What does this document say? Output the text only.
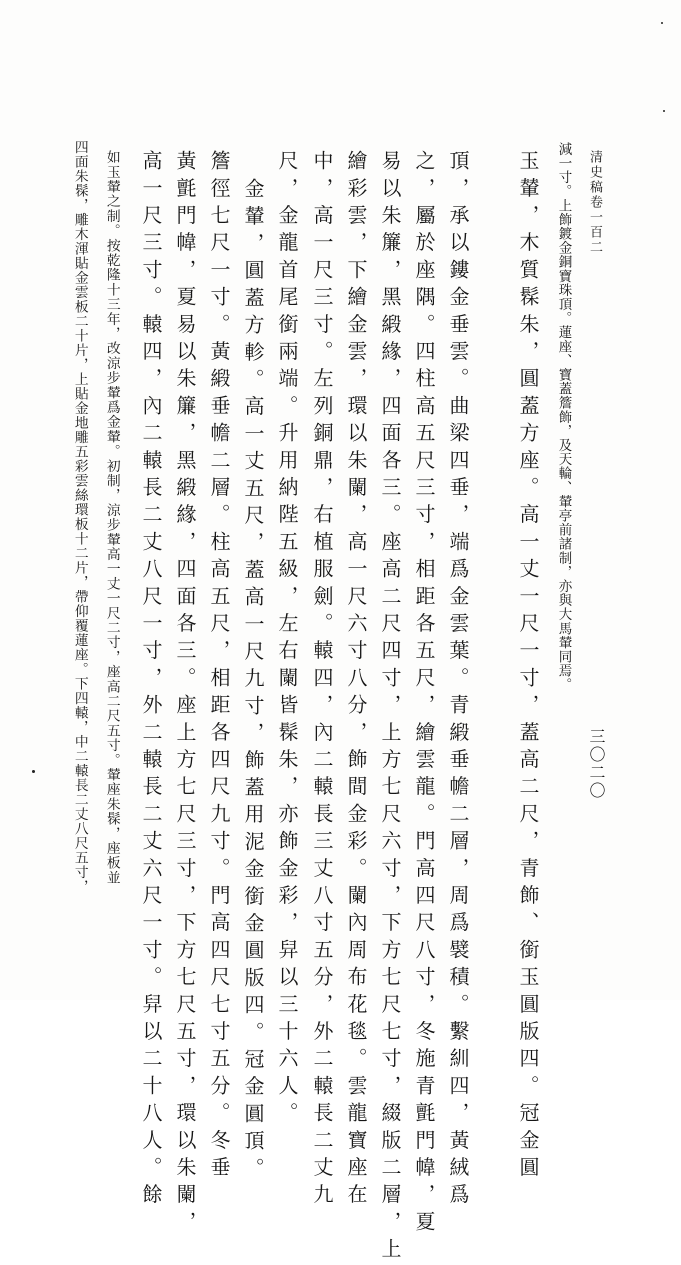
清史稿卷一百二
三〇二〇
減一寸。上飾鍍金銅寶珠頂。蓮座、寶蓋簷飾，及天輪、輦亭前諸制，亦與大馬輦同焉。
玉輦，木質髹朱，圓蓋方座。高一丈一尺一寸，蓋高二尺，青飾、銜玉圓版四。冠金圓
頂，承以鏤金垂雲。曲梁四垂，端爲金雲葉。青緞垂幨二層，周爲襞積。繫紃四，黃絨爲
之，屬於座隅。四柱高五尺三寸，相距各五尺，繪雲龍。門高四尺八寸，冬施青氈門幃，夏
易以朱簾，黑緞緣，四面各三。座高二尺四寸，上方七尺六寸，下方七尺七寸，綴版二層，上
繪彩雲，下繪金雲，環以朱闌，高一尺六寸八分，飾間金彩。闌內周布花毯。雲龍寶座在
中，高一尺三寸。左列銅鼎，右植服劍。轅四，內二轅長三丈八寸五分，外二轅長二丈九
尺，金龍首尾銜兩端。升用納陛五級，左右闌皆髹朱，亦飾金彩，舁以三十六人。
金輦，圓蓋方軫。高一丈五尺，蓋高一尺九寸，飾蓋用泥金銜金圓版四。冠金圓頂。
簷徑七尺一寸。黃緞垂幨二層。柱高五尺，相距各四尺九寸。門高四尺七寸五分。冬垂
黃氈門幃，夏易以朱簾，黑緞緣，四面各三。座上方七尺三寸，下方七尺五寸，環以朱闌，
高一尺三寸。轅四，內二轅長二丈八尺一寸，外二轅長二丈六尺一寸。舁以二十八人。餘
如玉輦之制。按乾隆十三年，改涼步輦爲金輦。初制，涼步輦高一丈一尺二寸，座高二尺五寸。輦座朱髹，座板並
四面朱髹，雕木渾貼金雲板二十片，上貼金地雕五彩雲絲環板十二片，帶仰覆蓮座。下四轅，中二轅長二丈八尺五寸，
